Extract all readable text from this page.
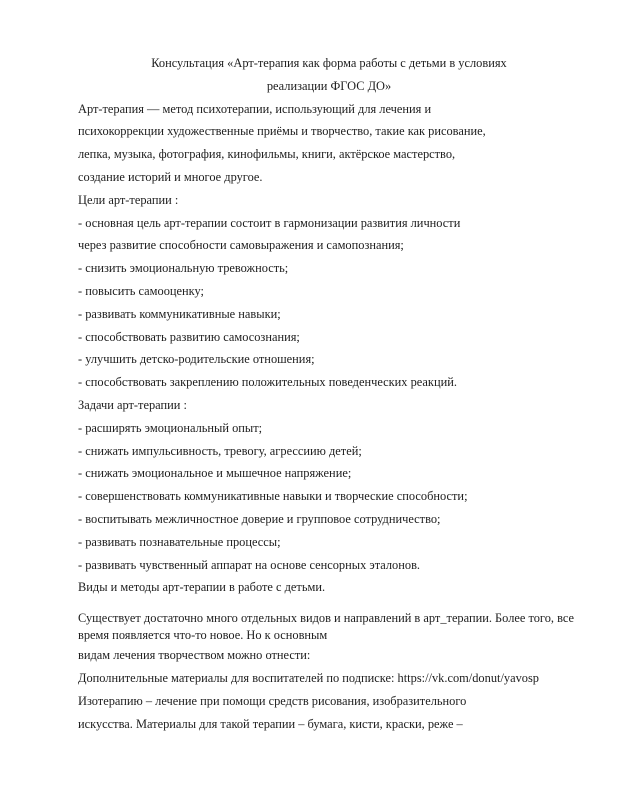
Консультация «Арт-терапия как форма работы с детьми в условиях
реализации ФГОС ДО»
Арт-терапия — метод психотерапии, использующий для лечения и
психокоррекции художественные приёмы и творчество, такие как рисование,
лепка, музыка, фотография, кинофильмы, книги, актёрское мастерство,
создание историй и многое другое.
Цели арт-терапии :
- основная цель арт-терапии состоит в гармонизации развития личности
через развитие способности самовыражения и самопознания;
- снизить эмоциональную тревожность;
- повысить самооценку;
- развивать коммуникативные навыки;
- способствовать развитию самосознания;
- улучшить детско-родительские отношения;
- способствовать закреплению положительных поведенческих реакций.
Задачи арт-терапии :
- расширять эмоциональный опыт;
- снижать импульсивность, тревогу, агрессиию детей;
- снижать эмоциональное и мышечное напряжение;
- совершенствовать коммуникативные навыки и творческие способности;
- воспитывать межличностное доверие и групповое сотрудничество;
- развивать познавательные процессы;
- развивать чувственный аппарат на основе сенсорных эталонов.
Виды и методы арт-терапии в работе с детьми.
Существует достаточно много отдельных видов и направлений в арт_терапии. Более того, все
время появляется что-то новое. Но к основным
видам лечения творчеством можно отнести:
Дополнительные материалы для воспитателей по подписке: https://vk.com/donut/yavosp
Изотерапию – лечение при помощи средств рисования, изобразительного
искусства. Материалы для такой терапии – бумага, кисти, краски, реже –
